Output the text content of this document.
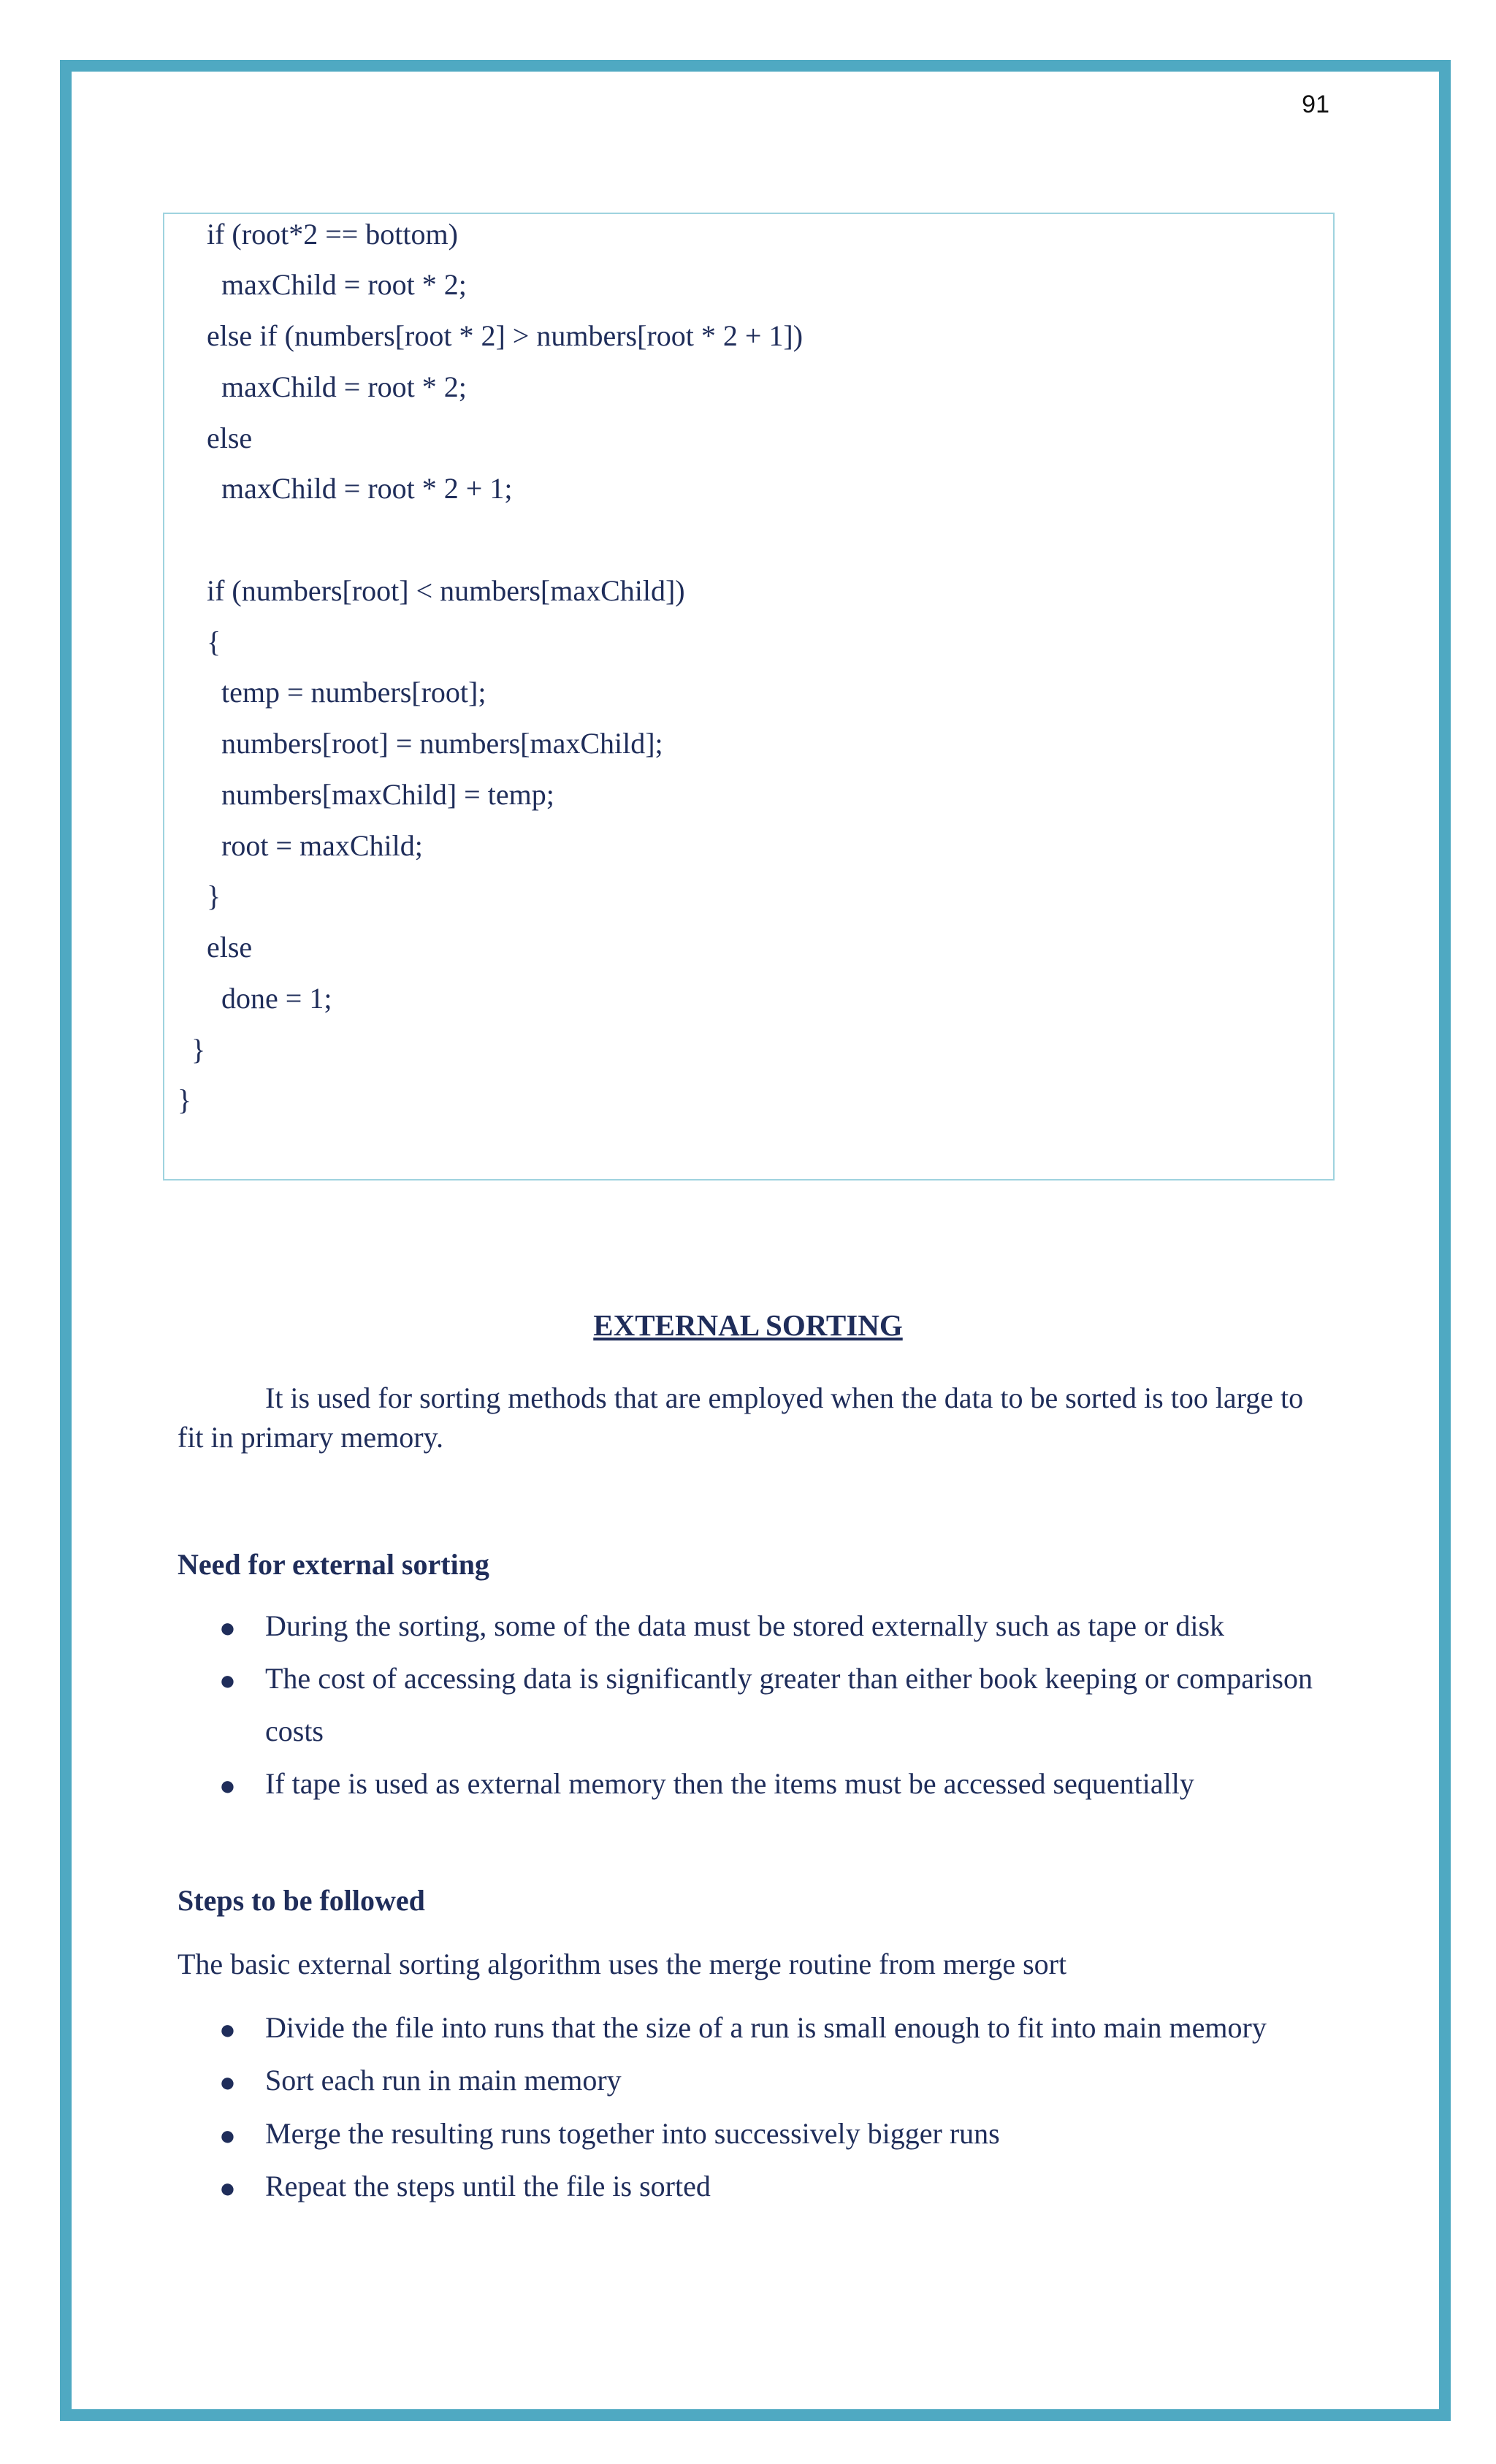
91
if (root*2 == bottom)
maxChild = root * 2;
else if (numbers[root * 2] > numbers[root * 2 + 1])
maxChild = root * 2;
else
maxChild = root * 2 + 1;
if (numbers[root] < numbers[maxChild])
{
temp = numbers[root];
numbers[root] = numbers[maxChild];
numbers[maxChild] = temp;
root = maxChild;
}
else
done = 1;
}
}
EXTERNAL SORTING
It is used for sorting methods that are employed when the data to be sorted is too large to fit in primary memory.
Need for external sorting
● During the sorting, some of the data must be stored externally such as tape or disk
● The cost of accessing data is significantly greater than either book keeping or comparison costs
● If tape is used as external memory then the items must be accessed sequentially
Steps to be followed
The basic external sorting algorithm uses the merge routine from merge sort
● Divide the file into runs that the size of a run is small enough to fit into main memory
● Sort each run in main memory
● Merge the resulting runs together into successively bigger runs
● Repeat the steps until the file is sorted
